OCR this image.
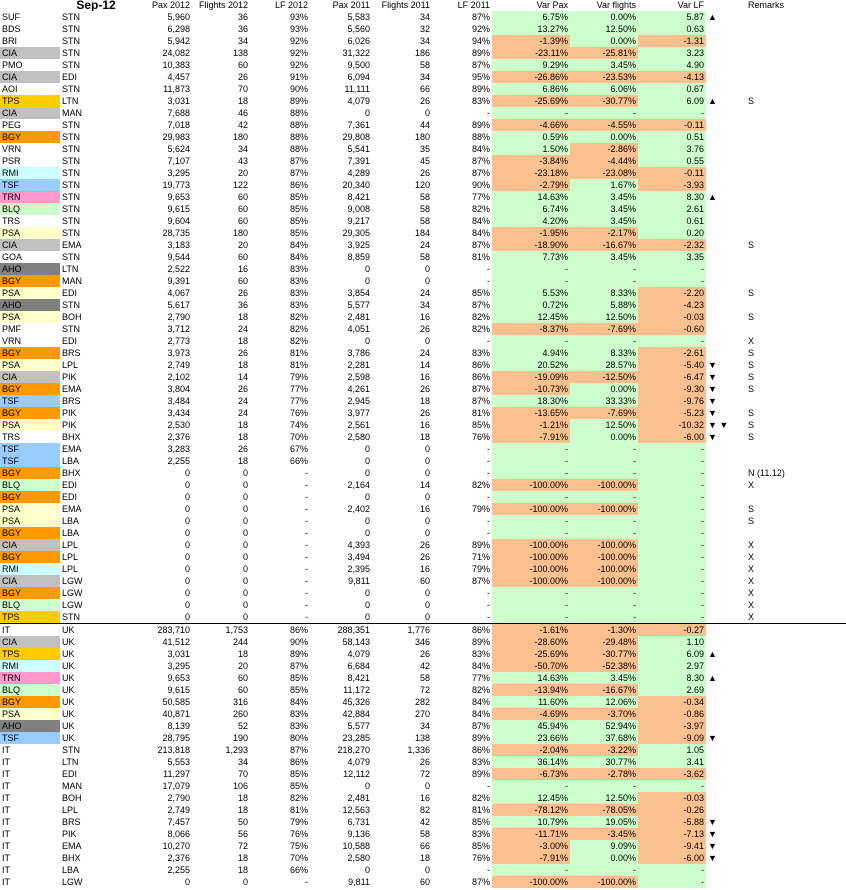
	Sep-12	Pax 2012	Flights 2012	LF 2012	Pax 2011	Flights 2011	LF 2011	Var Pax	Var flights	Var LF		Remarks
SUF	STN	5,960	36	93%	5,583	34	87%	6.75%	0.00%	5.87	▲	
BDS	STN	6,298	36	93%	5,560	32	92%	13.27%	12.50%	0.63		
BRI	STN	5,942	34	92%	6,026	34	94%	-1.39%	0.00%	-1.31		
CIA	STN	24,082	138	92%	31,322	186	89%	-23.11%	-25.81%	3.23		
PMO	STN	10,383	60	92%	9,500	58	87%	9.29%	3.45%	4.90		
CIA	EDI	4,457	26	91%	6,094	34	95%	-26.86%	-23.53%	-4.13		
AOI	STN	11,873	70	90%	11,111	66	89%	6.86%	6.06%	0.67		
TPS	LTN	3,031	18	89%	4,079	26	83%	-25.69%	-30.77%	6.09	▲	S
CIA	MAN	7,688	46	88%	0	0	-	-	-	-		
PEG	STN	7,018	42	88%	7,361	44	89%	-4.66%	-4.55%	-0.11		
BGY	STN	29,983	180	88%	29,808	180	88%	0.59%	0.00%	0.51		
VRN	STN	5,624	34	88%	5,541	35	84%	1.50%	-2.86%	3.76		
PSR	STN	7,107	43	87%	7,391	45	87%	-3.84%	-4.44%	0.55		
RMI	STN	3,295	20	87%	4,289	26	87%	-23.18%	-23.08%	-0.11		
TSF	STN	19,773	122	86%	20,340	120	90%	-2.79%	1.67%	-3.93		
TRN	STN	9,653	60	85%	8,421	58	77%	14.63%	3.45%	8.30	▲	
BLQ	STN	9,615	60	85%	9,008	58	82%	6.74%	3.45%	2.61		
TRS	STN	9,604	60	85%	9,217	58	84%	4.20%	3.45%	0.61		
PSA	STN	28,735	180	85%	29,305	184	84%	-1.95%	-2.17%	0.20		
CIA	EMA	3,183	20	84%	3,925	24	87%	-18.90%	-16.67%	-2.32		S
GOA	STN	9,544	60	84%	8,859	58	81%	7.73%	3.45%	3.35		
AHO	LTN	2,522	16	83%	0	0	-	-	-	-		
BGY	MAN	9,391	60	83%	0	0	-	-	-	-		
PSA	EDI	4,067	26	83%	3,854	24	85%	5.53%	8.33%	-2.20		S
AHO	STN	5,617	36	83%	5,577	34	87%	0.72%	5.88%	-4.23		
PSA	BOH	2,790	18	82%	2,481	16	82%	12.45%	12.50%	-0.03		S
PMF	STN	3,712	24	82%	4,051	26	82%	-8.37%	-7.69%	-0.60		
VRN	EDI	2,773	18	82%	0	0	-	-	-	-		X
BGY	BRS	3,973	26	81%	3,786	24	83%	4.94%	8.33%	-2.61		S
PSA	LPL	2,749	18	81%	2,281	14	86%	20.52%	28.57%	-5.40	▼	S
CIA	PIK	2,102	14	79%	2,598	16	86%	-19.09%	-12.50%	-6.47	▼	S
BGY	EMA	3,804	26	77%	4,261	26	87%	-10.73%	0.00%	-9.30	▼	S
TSF	BRS	3,484	24	77%	2,945	18	87%	18.30%	33.33%	-9.76	▼	
BGY	PIK	3,434	24	76%	3,977	26	81%	-13.65%	-7.69%	-5.23	▼	S
PSA	PIK	2,530	18	74%	2,561	16	85%	-1.21%	12.50%	-10.32	▼ ▼	S
TRS	BHX	2,376	18	70%	2,580	18	76%	-7.91%	0.00%	-6.00	▼	S
TSF	EMA	3,283	26	67%	0	0	-	-	-	-		
TSF	LBA	2,255	18	66%	0	0	-	-	-	-		
BGY	BHX	0	0	-	0	0	-	-	-	-		N (11.12)
BLQ	EDI	0	0	-	2,164	14	82%	-100.00%	-100.00%	-		X
BGY	EDI	0	0	-	0	0	-	-	-	-		
PSA	EMA	0	0	-	2,402	16	79%	-100.00%	-100.00%	-		S
PSA	LBA	0	0	-	0	0	-	-	-	-		S
BGY	LBA	0	0	-	0	0	-	-	-	-		
CIA	LPL	0	0	-	4,393	26	89%	-100.00%	-100.00%	-		X
BGY	LPL	0	0	-	3,494	26	71%	-100.00%	-100.00%	-		X
RMI	LPL	0	0	-	2,395	16	79%	-100.00%	-100.00%	-		X
CIA	LGW	0	0	-	9,811	60	87%	-100.00%	-100.00%	-		X
BGY	LGW	0	0	-	0	0	-	-	-	-		X
BLQ	LGW	0	0	-	0	0	-	-	-	-		X
TPS	STN	0	0	-	0	0	-	-	-	-		X
IT	UK	283,710	1,753	86%	288,351	1,776	86%	-1.61%	-1.30%	-0.27		
CIA	UK	41,512	244	90%	58,143	346	89%	-28.60%	-29.48%	1.10		
TPS	UK	3,031	18	89%	4,079	26	83%	-25.69%	-30.77%	6.09	▲	
RMI	UK	3,295	20	87%	6,684	42	84%	-50.70%	-52.38%	2.97		
TRN	UK	9,653	60	85%	8,421	58	77%	14.63%	3.45%	8.30	▲	
BLQ	UK	9,615	60	85%	11,172	72	82%	-13.94%	-16.67%	2.69		
BGY	UK	50,585	316	84%	45,326	282	84%	11.60%	12.06%	-0.34		
PSA	UK	40,871	260	83%	42,884	270	84%	-4.69%	-3.70%	-0.86		
AHO	UK	8,139	52	83%	5,577	34	87%	45.94%	52.94%	-3.97		
TSF	UK	28,795	190	80%	23,285	138	89%	23.66%	37.68%	-9.09	▼	
IT	STN	213,818	1,293	87%	218,270	1,336	86%	-2.04%	-3.22%	1.05		
IT	LTN	5,553	34	86%	4,079	26	83%	36.14%	30.77%	3.41		
IT	EDI	11,297	70	85%	12,112	72	89%	-6.73%	-2.78%	-3.62		
IT	MAN	17,079	106	85%	0	0	-	-	-	-		
IT	BOH	2,790	18	82%	2,481	16	82%	12.45%	12.50%	-0.03		
IT	LPL	2,749	18	81%	12,563	82	81%	-78.12%	-78.05%	-0.26		
IT	BRS	7,457	50	79%	6,731	42	85%	10.79%	19.05%	-5.88	▼	
IT	PIK	8,066	56	76%	9,136	58	83%	-11.71%	-3.45%	-7.13	▼	
IT	EMA	10,270	72	75%	10,588	66	85%	-3.00%	9.09%	-9.41	▼	
IT	BHX	2,376	18	70%	2,580	18	76%	-7.91%	0.00%	-6.00	▼	
IT	LBA	2,255	18	66%	0	0	-	-	-	-		
IT	LGW	0	0	-	9,811	60	87%	-100.00%	-100.00%	-		
